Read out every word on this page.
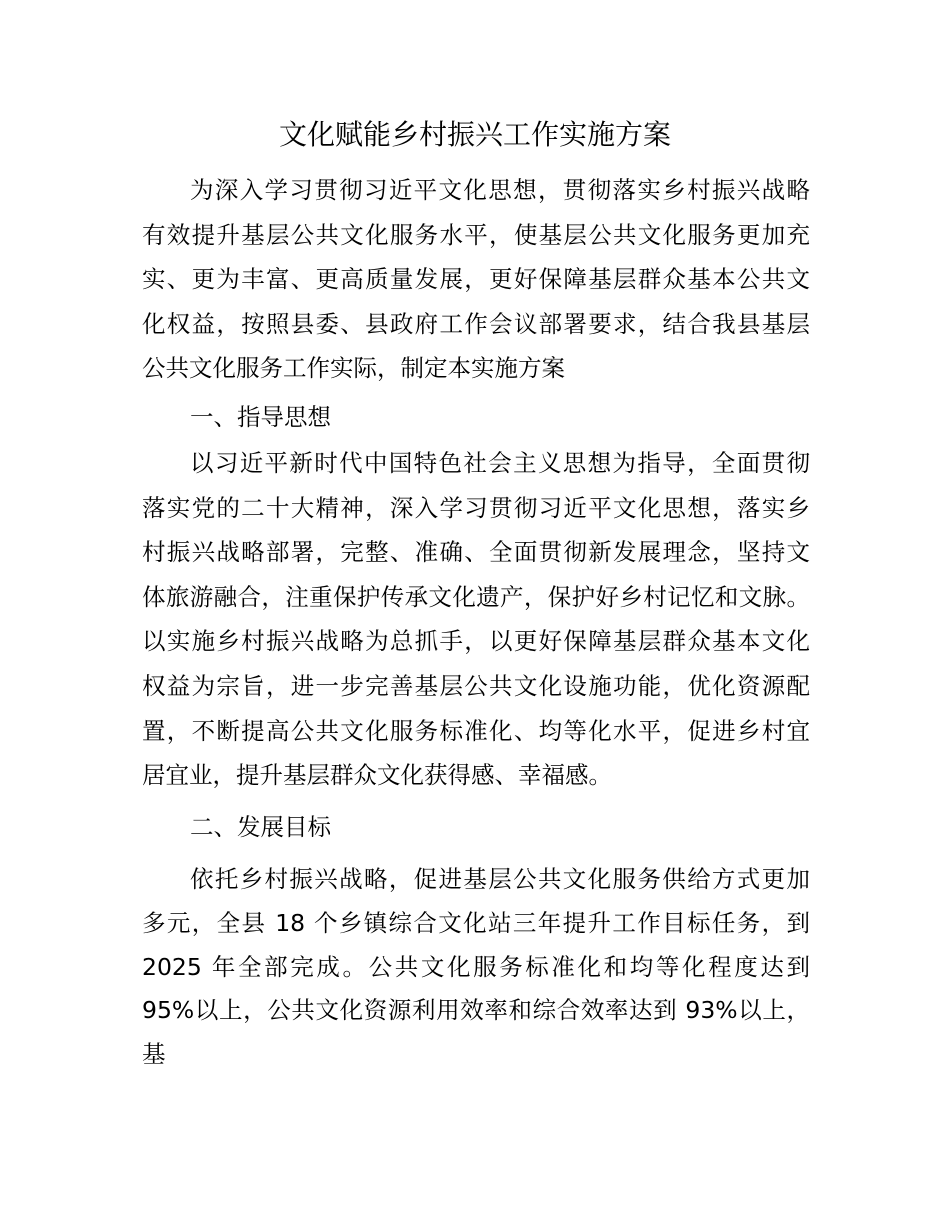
文化赋能乡村振兴工作实施方案
为深入学习贯彻习近平文化思想，贯彻落实乡村振兴战略
有效提升基层公共文化服务水平，使基层公共文化服务更加充
实、更为丰富、更高质量发展，更好保障基层群众基本公共文
化权益，按照县委、县政府工作会议部署要求，结合我县基层
公共文化服务工作实际，制定本实施方案
一、指导思想
以习近平新时代中国特色社会主义思想为指导，全面贯彻
落实党的二十大精神，深入学习贯彻习近平文化思想，落实乡
村振兴战略部署，完整、准确、全面贯彻新发展理念，坚持文
体旅游融合，注重保护传承文化遗产，保护好乡村记忆和文脉。
以实施乡村振兴战略为总抓手，以更好保障基层群众基本文化
权益为宗旨，进一步完善基层公共文化设施功能，优化资源配
置，不断提高公共文化服务标准化、均等化水平，促进乡村宜
居宜业，提升基层群众文化获得感、幸福感。
二、发展目标
依托乡村振兴战略，促进基层公共文化服务供给方式更加
多元，全县 18 个乡镇综合文化站三年提升工作目标任务，到
2025 年全部完成。公共文化服务标准化和均等化程度达到
95%以上，公共文化资源利用效率和综合效率达到 93%以上，
基
